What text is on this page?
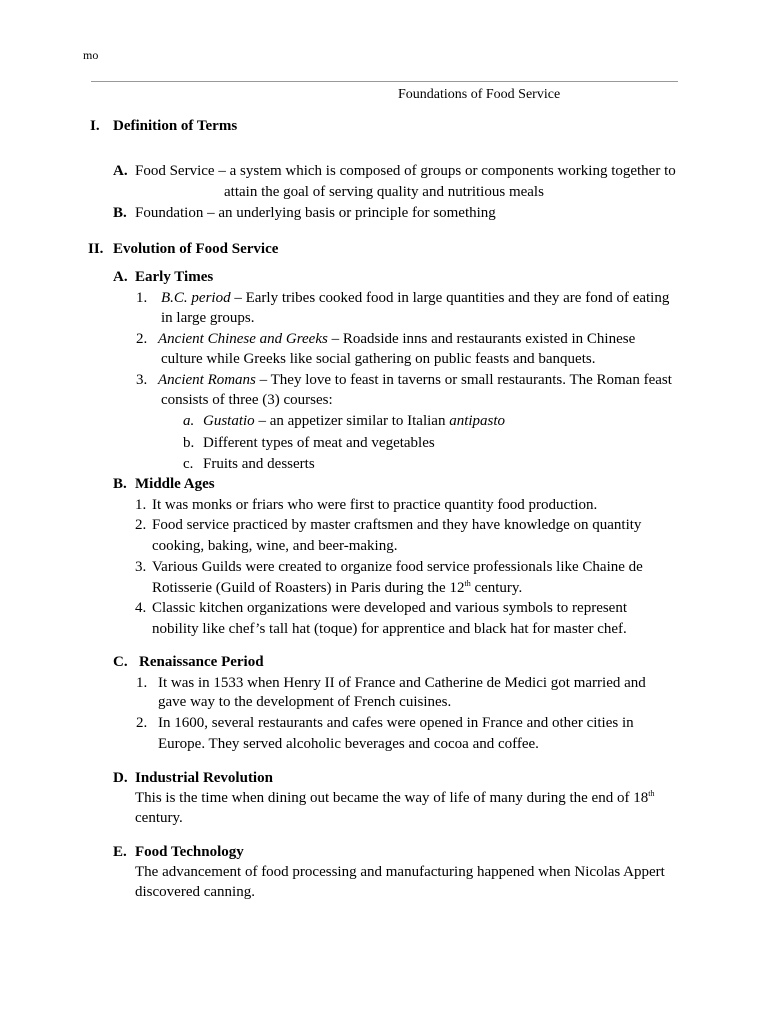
mo
Foundations of Food Service
I. Definition of Terms
A. Food Service – a system which is composed of groups or components working together to
attain the goal of serving quality and nutritious meals
B. Foundation – an underlying basis or principle for something
II. Evolution of Food Service
A. Early Times
1. B.C. period – Early tribes cooked food in large quantities and they are fond of eating
in large groups.
2. Ancient Chinese and Greeks – Roadside inns and restaurants existed in Chinese
culture while Greeks like social gathering on public feasts and banquets.
3. Ancient Romans – They love to feast in taverns or small restaurants. The Roman feast
consists of three (3) courses:
a. Gustatio – an appetizer similar to Italian antipasto
b. Different types of meat and vegetables
c. Fruits and desserts
B. Middle Ages
1. It was monks or friars who were first to practice quantity food production.
2. Food service practiced by master craftsmen and they have knowledge on quantity
cooking, baking, wine, and beer-making.
3. Various Guilds were created to organize food service professionals like Chaine de
Rotisserie (Guild of Roasters) in Paris during the 12th century.
4. Classic kitchen organizations were developed and various symbols to represent
nobility like chef’s tall hat (toque) for apprentice and black hat for master chef.
C. Renaissance Period
1. It was in 1533 when Henry II of France and Catherine de Medici got married and
gave way to the development of French cuisines.
2. In 1600, several restaurants and cafes were opened in France and other cities in
Europe. They served alcoholic beverages and cocoa and coffee.
D. Industrial Revolution
This is the time when dining out became the way of life of many during the end of 18th
century.
E. Food Technology
The advancement of food processing and manufacturing happened when Nicolas Appert
discovered canning.
